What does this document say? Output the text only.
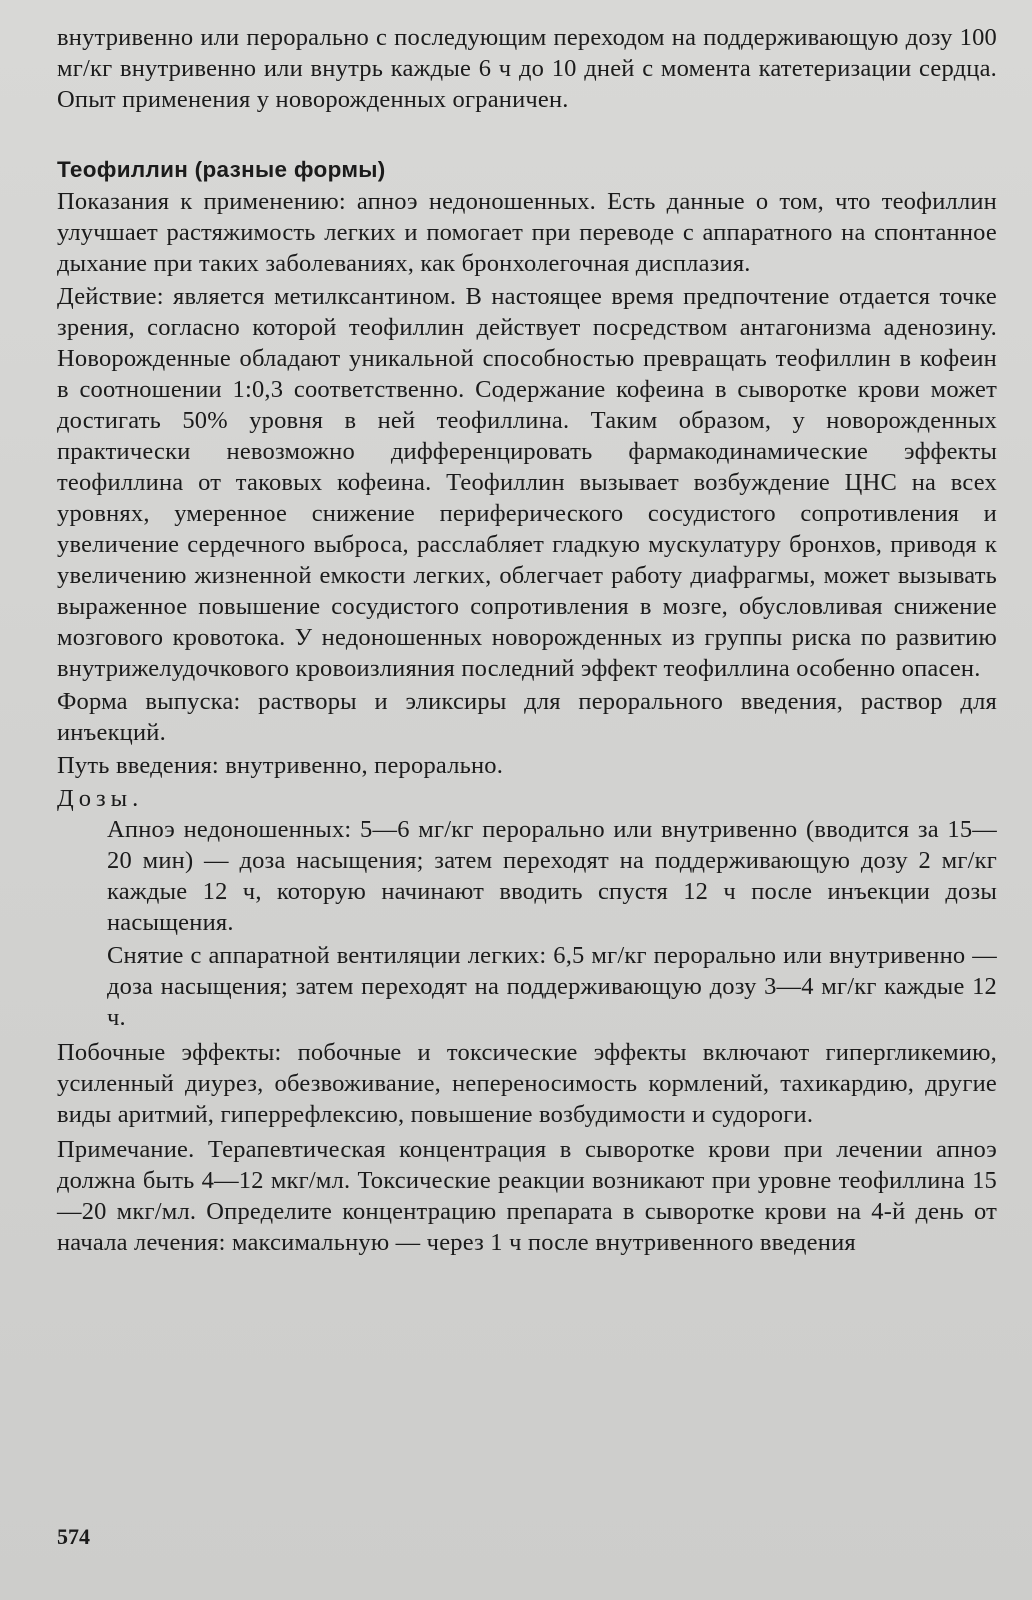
внутривенно или перорально с последующим переходом на поддерживающую дозу 100 мг/кг внутривенно или внутрь каждые 6 ч до 10 дней с момента катетеризации сердца. Опыт применения у новорожденных ограничен.

Теофиллин (разные формы)

Показания к применению: апноэ недоношенных. Есть данные о том, что теофиллин улучшает растяжимость легких и помогает при переводе с аппаратного на спонтанное дыхание при таких заболеваниях, как бронхолегочная дисплазия.

Действие: является метилксантином. В настоящее время предпочтение отдается точке зрения, согласно которой теофиллин действует посредством антагонизма аденозину. Новорожденные обладают уникальной способностью превращать теофиллин в кофеин в соотношении 1:0,3 соответственно. Содержание кофеина в сыворотке крови может достигать 50% уровня в ней теофиллина. Таким образом, у новорожденных практически невозможно дифференцировать фармакодинамические эффекты теофиллина от таковых кофеина. Теофиллин вызывает возбуждение ЦНС на всех уровнях, умеренное снижение периферического сосудистого сопротивления и увеличение сердечного выброса, расслабляет гладкую мускулатуру бронхов, приводя к увеличению жизненной емкости легких, облегчает работу диафрагмы, может вызывать выраженное повышение сосудистого сопротивления в мозге, обусловливая снижение мозгового кровотока. У недоношенных новорожденных из группы риска по развитию внутрижелудочкового кровоизлияния последний эффект теофиллина особенно опасен.

Форма выпуска: растворы и эликсиры для перорального введения, раствор для инъекций.

Путь введения: внутривенно, перорально.

Дозы.

Апноэ недоношенных: 5—6 мг/кг перорально или внутривенно (вводится за 15—20 мин) — доза насыщения; затем переходят на поддерживающую дозу 2 мг/кг каждые 12 ч, которую начинают вводить спустя 12 ч после инъекции дозы насыщения.

Снятие с аппаратной вентиляции легких: 6,5 мг/кг перорально или внутривенно — доза насыщения; затем переходят на поддерживающую дозу 3—4 мг/кг каждые 12 ч.

Побочные эффекты: побочные и токсические эффекты включают гипергликемию, усиленный диурез, обезвоживание, непереносимость кормлений, тахикардию, другие виды аритмий, гиперрефлексию, повышение возбудимости и судороги.

Примечание. Терапевтическая концентрация в сыворотке крови при лечении апноэ должна быть 4—12 мкг/мл. Токсические реакции возникают при уровне теофиллина 15—20 мкг/мл. Определите концентрацию препарата в сыворотке крови на 4-й день от начала лечения: максимальную — через 1 ч после внутривенного введения

574
